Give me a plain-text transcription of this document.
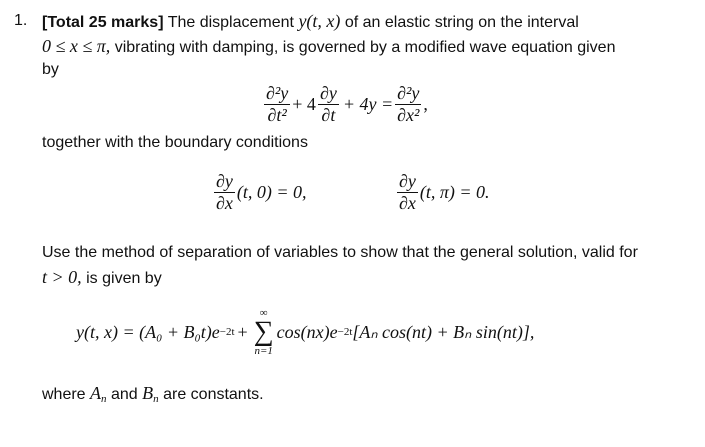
1. [Total 25 marks] The displacement y(t, x) of an elastic string on the interval
0 ≤ x ≤ π, vibrating with damping, is governed by a modified wave equation given
by
$\frac{\text{∂²y}}{\text{∂t²}} + 4 \frac{\partial y}{\partial t} + 4y = \frac{\text{∂²y}}{\text{∂x²}}$ ,
together with the boundary conditions
$\frac{\partial y}{\partial x} (t$, 0) = 0,	$\frac{\partial y}{\partial x} (t$, π) = 0.
Use the method of separation of variables to show that the general solution, valid for
t > 0, is given by
y(t, x) = (A₀ + B₀t)e −2t +
∞
∑
n=1
cos(nx)e −2t [Aₙ cos(nt) + Bₙ sin(nt)],
where $A_n$ and $B_n$ are constants.
